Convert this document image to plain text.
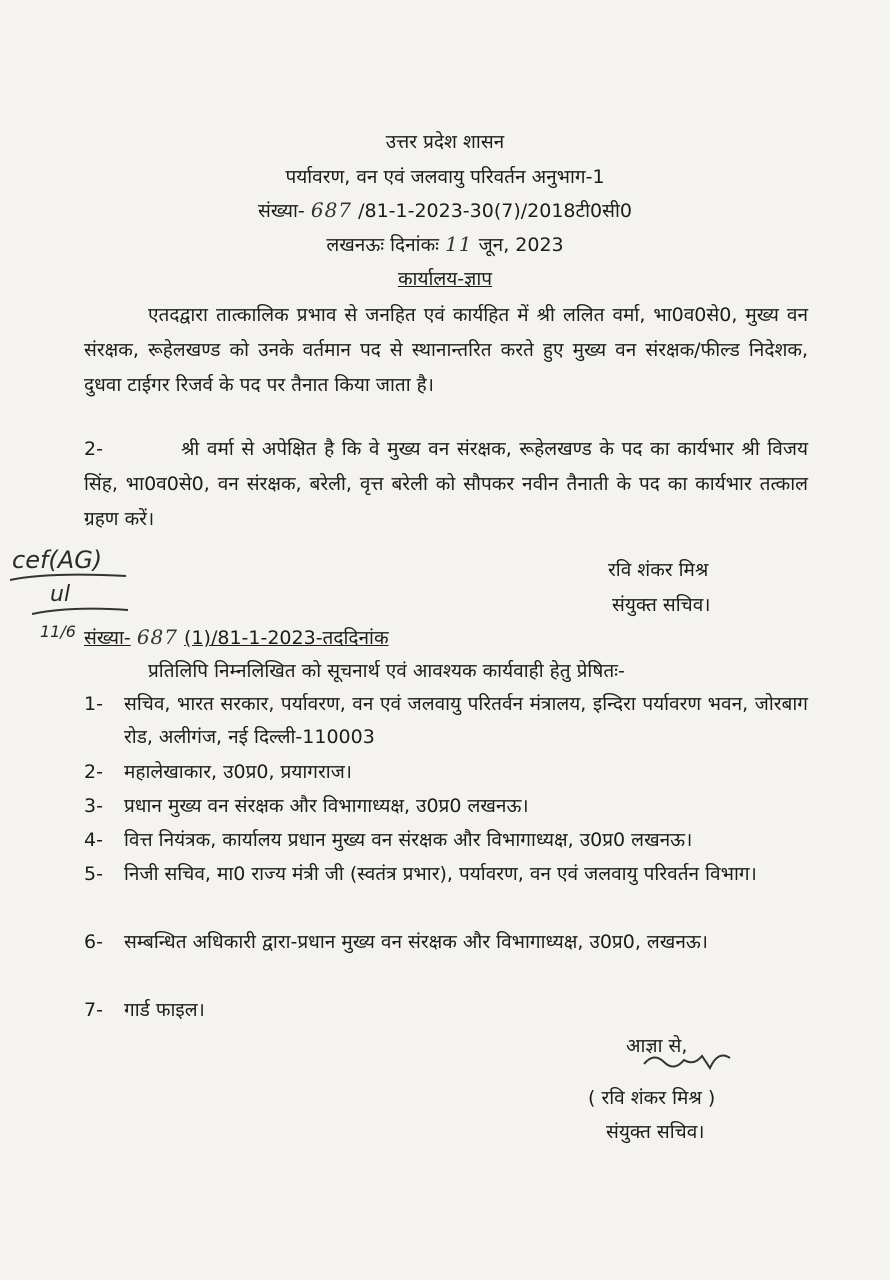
उत्तर प्रदेश शासन
पर्यावरण, वन एवं जलवायु परिवर्तन अनुभाग-1
संख्या- 687 /81-1-2023-30(7)/2018टी0सी0
लखनऊः दिनांकः 11 जून, 2023
कार्यालय-ज्ञाप
एतदद्वारा तात्कालिक प्रभाव से जनहित एवं कार्यहित में श्री ललित वर्मा, भा0व0से0, मुख्य वन संरक्षक, रूहेलखण्ड को उनके वर्तमान पद से स्थानान्तरित करते हुए मुख्य वन संरक्षक/फील्ड निदेशक, दुधवा टाईगर रिजर्व के पद पर तैनात किया जाता है।
2-	श्री वर्मा से अपेक्षित है कि वे मुख्य वन संरक्षक, रूहेलखण्ड के पद का कार्यभार श्री विजय सिंह, भा0व0से0, वन संरक्षक, बरेली, वृत्त बरेली को सौपकर नवीन तैनाती के पद का कार्यभार तत्काल ग्रहण करें।
रवि शंकर मिश्र
संयुक्त सचिव।
cef(AG)
ul
11/6 संख्या- 687 (1)/81-1-2023-तददिनांक
प्रतिलिपि निम्नलिखित को सूचनार्थ एवं आवश्यक कार्यवाही हेतु प्रेषितः-
1- सचिव, भारत सरकार, पर्यावरण, वन एवं जलवायु परितर्वन मंत्रालय, इन्दिरा पर्यावरण भवन, जोरबाग रोड, अलीगंज, नई दिल्ली-110003
2- महालेखाकार, उ0प्र0, प्रयागराज।
3- प्रधान मुख्य वन संरक्षक और विभागाध्यक्ष, उ0प्र0 लखनऊ।
4- वित्त नियंत्रक, कार्यालय प्रधान मुख्य वन संरक्षक और विभागाध्यक्ष, उ0प्र0 लखनऊ।
5- निजी सचिव, मा0 राज्य मंत्री जी (स्वतंत्र प्रभार), पर्यावरण, वन एवं जलवायु परिवर्तन विभाग।
6- सम्बन्धित अधिकारी द्वारा-प्रधान मुख्य वन संरक्षक और विभागाध्यक्ष, उ0प्र0, लखनऊ।
7- गार्ड फाइल।
आज्ञा से,
( रवि शंकर मिश्र )
संयुक्त सचिव।
